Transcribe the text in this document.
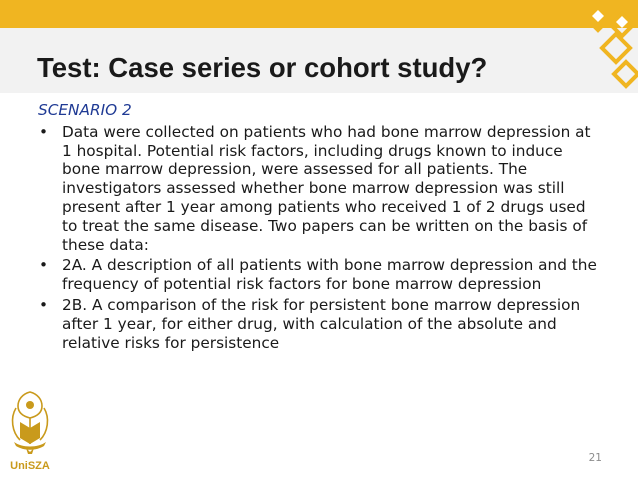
Test: Case series or cohort study?
SCENARIO 2
• Data were collected on patients who had bone marrow depression at 1 hospital. Potential risk factors, including drugs known to induce bone marrow depression, were assessed for all patients. The investigators assessed whether bone marrow depression was still present after 1 year among patients who received 1 of 2 drugs used to treat the same disease. Two papers can be written on the basis of these data:
• 2A. A description of all patients with bone marrow depression and the frequency of potential risk factors for bone marrow depression
• 2B. A comparison of the risk for persistent bone marrow depression after 1 year, for either drug, with calculation of the absolute and relative risks for persistence
UniSZA
21
